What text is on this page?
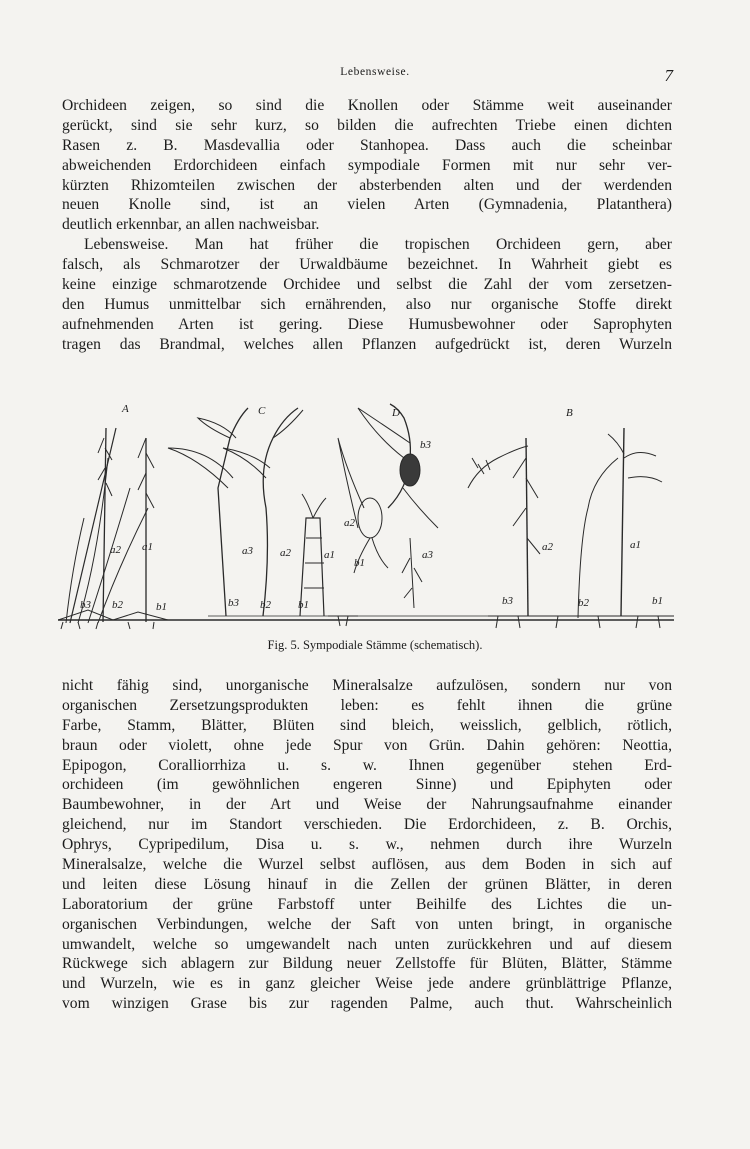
Lebensweise.	7
Orchideen zeigen, so sind die Knollen oder Stämme weit auseinander
gerückt, sind sie sehr kurz, so bilden die aufrechten Triebe einen dichten
Rasen z. B. Masdevallia oder Stanhopea. Dass auch die scheinbar
abweichenden Erdorchideen einfach sympodiale Formen mit nur sehr ver-
kürzten Rhizomteilen zwischen der absterbenden alten und der werdenden
neuen Knolle sind, ist an vielen Arten (Gymnadenia, Platanthera)
deutlich erkennbar, an allen nachweisbar.
Lebensweise. Man hat früher die tropischen Orchideen gern, aber
falsch, als Schmarotzer der Urwaldbäume bezeichnet. In Wahrheit giebt es
keine einzige schmarotzende Orchidee und selbst die Zahl der vom zersetzen-
den Humus unmittelbar sich ernährenden, also nur organische Stoffe direkt
aufnehmenden Arten ist gering. Diese Humusbewohner oder Saprophyten
tragen das Brandmal, welches allen Pflanzen aufgedrückt ist, deren Wurzeln
A	C	D	B
a2 a1
b3 b2	b1
a3 a2	a1
b3 b2 b1
b3
a2
b1
a3
a2	a1
b3	b2	b1
Fig. 5. Sympodiale Stämme (schematisch).
nicht fähig sind, unorganische Mineralsalze aufzulösen, sondern nur von
organischen Zersetzungsprodukten leben: es fehlt ihnen die grüne
Farbe, Stamm, Blätter, Blüten sind bleich, weisslich, gelblich, rötlich,
braun oder violett, ohne jede Spur von Grün. Dahin gehören: Neottia,
Epipogon, Coralliorrhiza u. s. w. Ihnen gegenüber stehen Erd-
orchideen (im gewöhnlichen engeren Sinne) und Epiphyten oder
Baumbewohner, in der Art und Weise der Nahrungsaufnahme einander
gleichend, nur im Standort verschieden. Die Erdorchideen, z. B. Orchis,
Ophrys, Cypripedilum, Disa u. s. w., nehmen durch ihre Wurzeln
Mineralsalze, welche die Wurzel selbst auflösen, aus dem Boden in sich auf
und leiten diese Lösung hinauf in die Zellen der grünen Blätter, in deren
Laboratorium der grüne Farbstoff unter Beihilfe des Lichtes die un-
organischen Verbindungen, welche der Saft von unten bringt, in organische
umwandelt, welche so umgewandelt nach unten zurückkehren und auf diesem
Rückwege sich ablagern zur Bildung neuer Zellstoffe für Blüten, Blätter, Stämme
und Wurzeln, wie es in ganz gleicher Weise jede andere grünblättrige Pflanze,
vom winzigen Grase bis zur ragenden Palme, auch thut. Wahrscheinlich
